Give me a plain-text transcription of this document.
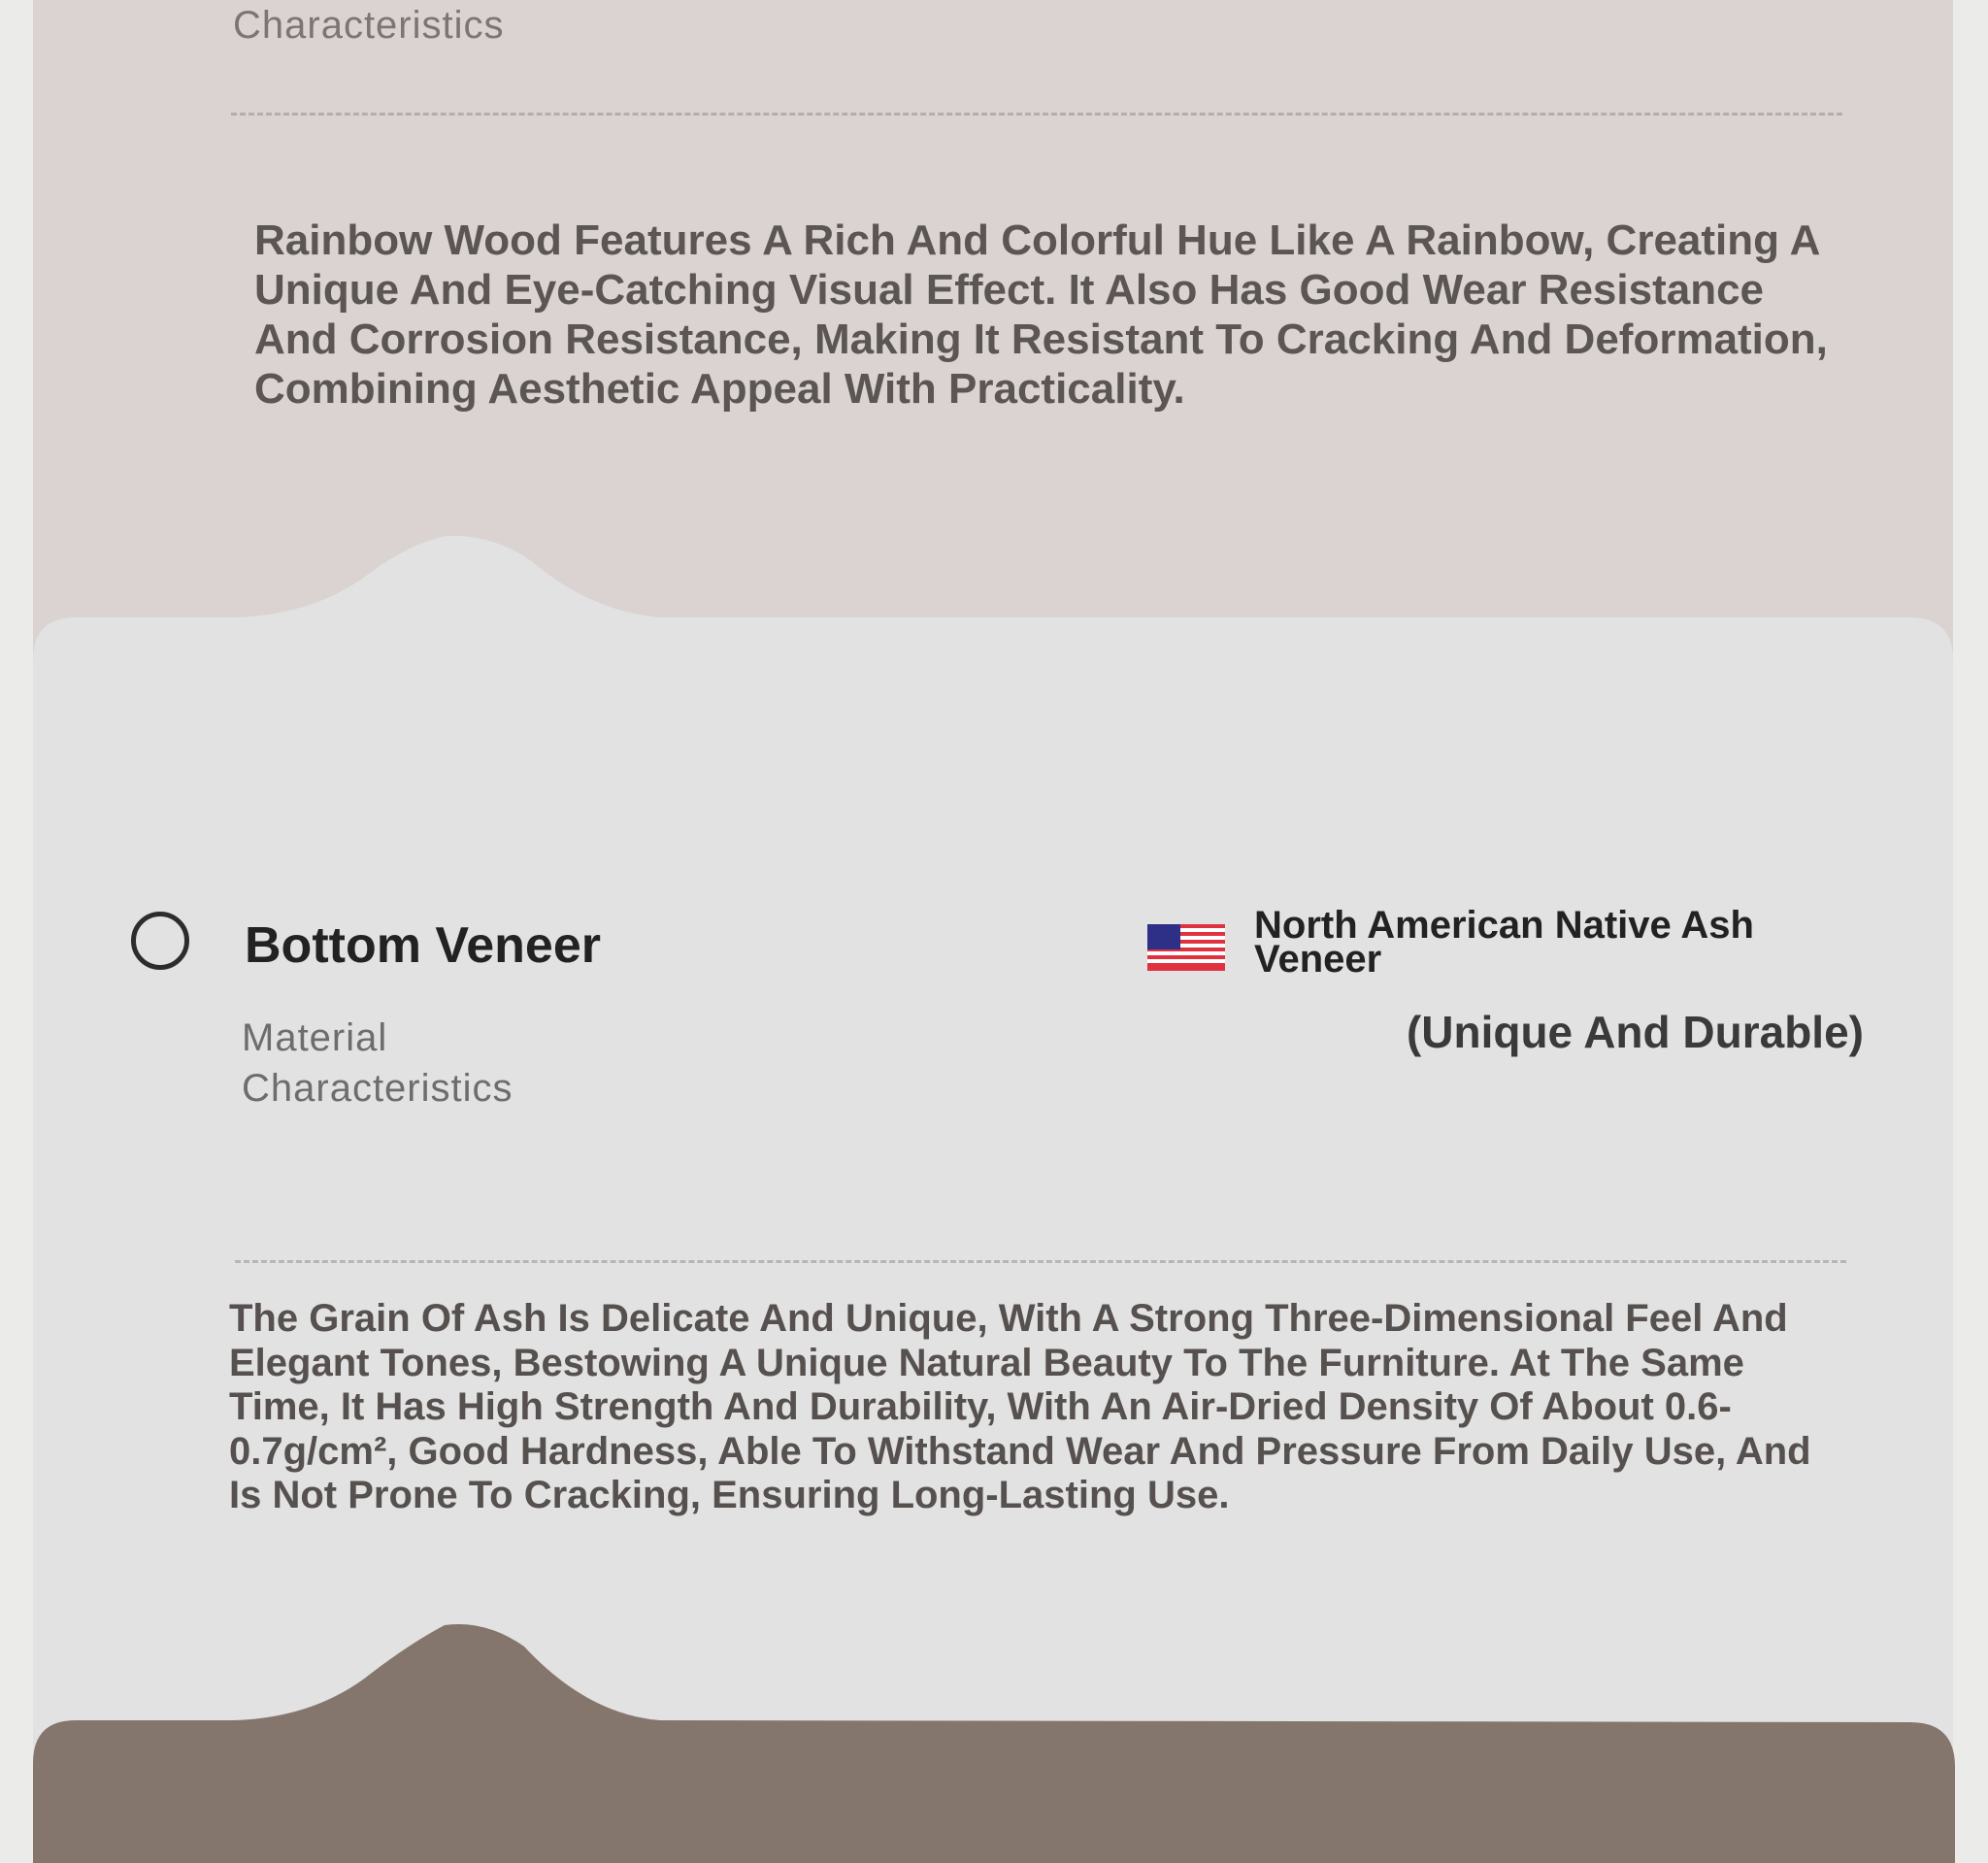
Characteristics
Rainbow Wood Features A Rich And Colorful Hue Like A Rainbow, Creating A Unique And Eye-Catching Visual Effect. It Also Has Good Wear Resistance And Corrosion Resistance, Making It Resistant To Cracking And Deformation, Combining Aesthetic Appeal With Practicality.
Bottom Veneer
Material Characteristics
North American Native Ash Veneer
(Unique And Durable)
The Grain Of Ash Is Delicate And Unique, With A Strong Three-Dimensional Feel And Elegant Tones, Bestowing A Unique Natural Beauty To The Furniture. At The Same Time, It Has High Strength And Durability, With An Air-Dried Density Of About 0.6-0.7g/cm², Good Hardness, Able To Withstand Wear And Pressure From Daily Use, And Is Not Prone To Cracking, Ensuring Long-Lasting Use.
